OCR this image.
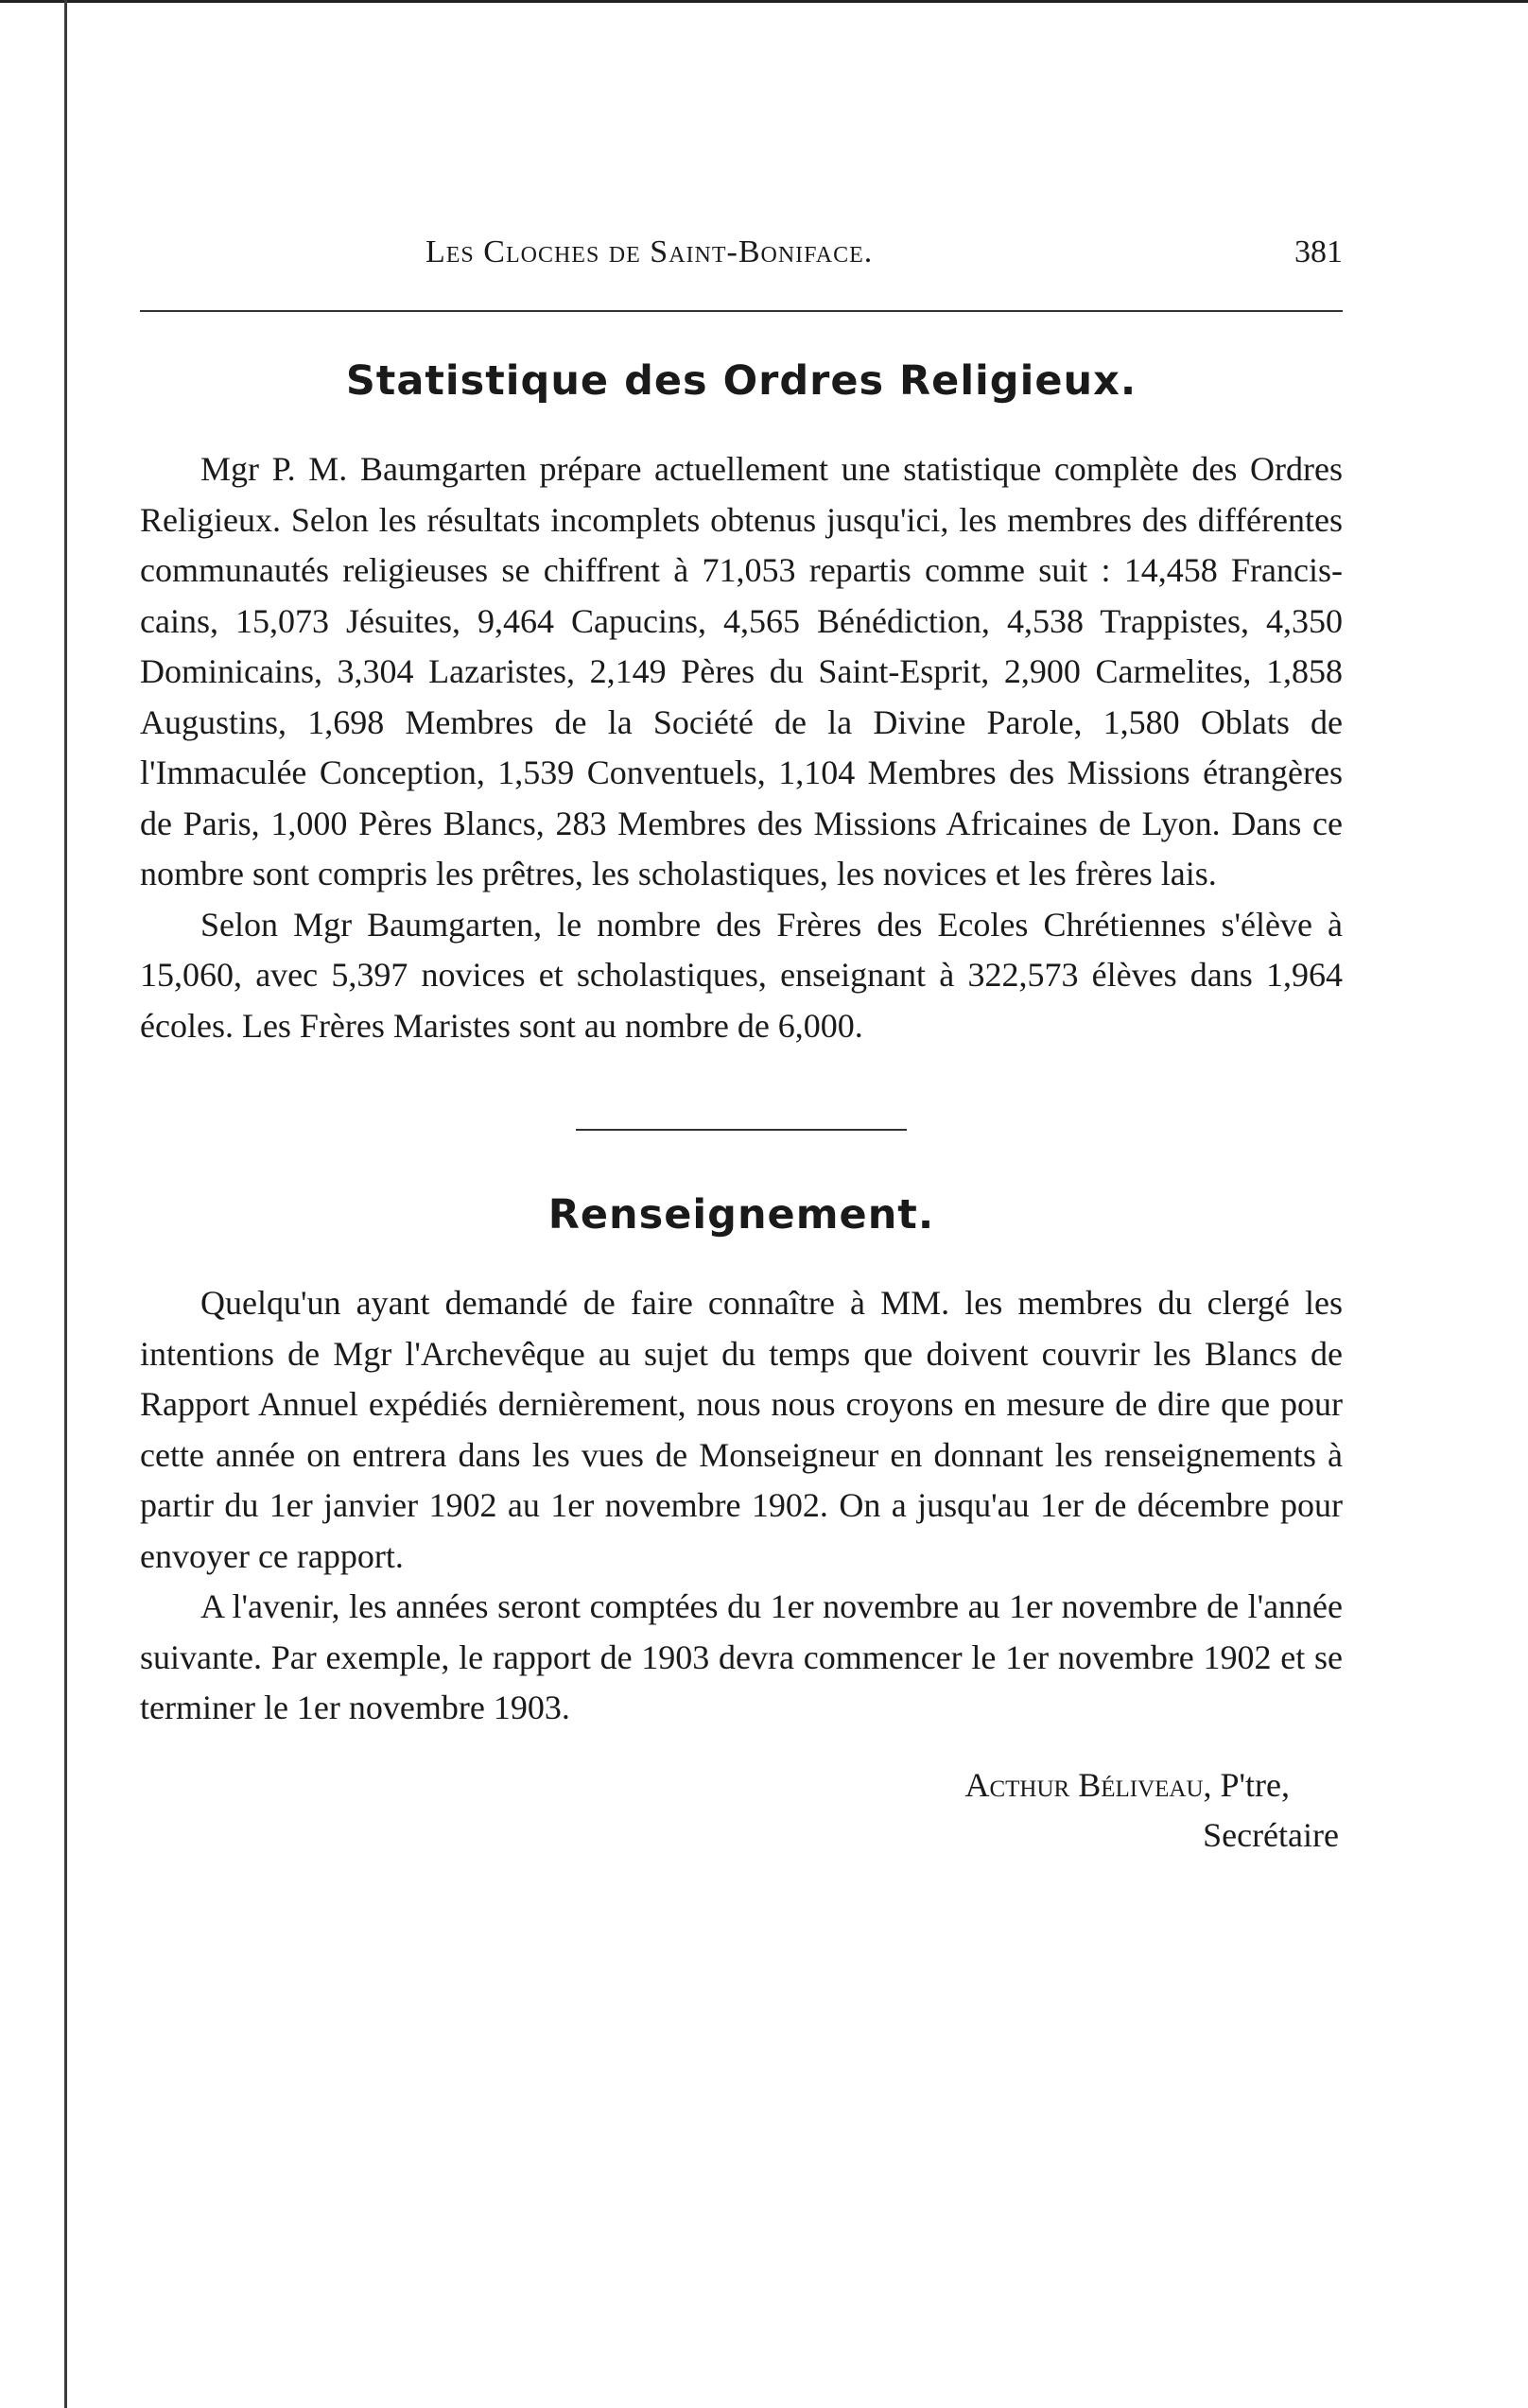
Les Cloches de Saint-Boniface.	381
Statistique des Ordres Religieux.

Mgr P. M. Baumgarten prépare actuellement une statistique complète des Ordres Religieux. Selon les résultats incomplets obtenus jusqu'ici, les membres des différentes communautés religieuses se chiffrent à 71,053 repartis comme suit : 14,458 Franciscains, 15,073 Jésuites, 9,464 Capucins, 4,565 Bénédiction, 4,538 Trappistes, 4,350 Dominicains, 3,304 Lazaristes, 2,149 Pères du Saint-Esprit, 2,900 Carmelites, 1,858 Augustins, 1,698 Membres de la Société de la Divine Parole, 1,580 Oblats de l'Immaculée Conception, 1,539 Conventuels, 1,104 Membres des Missions étrangères de Paris, 1,000 Pères Blancs, 283 Membres des Missions Africaines de Lyon. Dans ce nombre sont compris les prêtres, les scholastiques, les novices et les frères lais.

Selon Mgr Baumgarten, le nombre des Frères des Ecoles Chrétiennes s'élève à 15,060, avec 5,397 novices et scholastiques, enseignant à 322,573 élèves dans 1,964 écoles. Les Frères Maristes sont au nombre de 6,000.

Renseignement.

Quelqu'un ayant demandé de faire connaître à MM. les membres du clergé les intentions de Mgr l'Archevêque au sujet du temps que doivent couvrir les Blancs de Rapport Annuel expédiés dernièrement, nous nous croyons en mesure de dire que pour cette année on entrera dans les vues de Monseigneur en donnant les renseignements à partir du 1er janvier 1902 au 1er novembre 1902. On a jusqu'au 1er de décembre pour envoyer ce rapport.

A l'avenir, les années seront comptées du 1er novembre au 1er novembre de l'année suivante. Par exemple, le rapport de 1903 devra commencer le 1er novembre 1902 et se terminer le 1er novembre 1903.

Acthur Béliveau, P'tre,
Secrétaire
